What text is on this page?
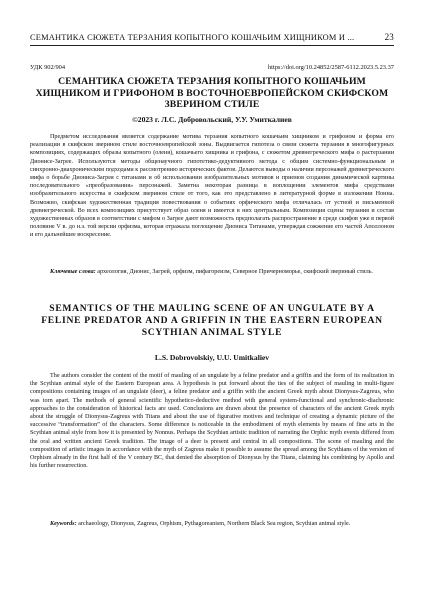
СЕМАНТИКА СЮЖЕТА ТЕРЗАНИЯ КОПЫТНОГО КОШАЧЬИМ ХИЩНИКОМ И ...	23
УДК 902/904	https://doi.org/10.24852/2587-6112.2023.5.23.37
СЕМАНТИКА СЮЖЕТА ТЕРЗАНИЯ КОПЫТНОГО КОШАЧЬИМ ХИЩНИКОМ И ГРИФОНОМ В ВОСТОЧНОЕВРОПЕЙСКОМ СКИФСКОМ ЗВЕРИНОМ СТИЛЕ
©2023 г. Л.С. Добровольский, У.У. Умиткалиев

Предметом исследования является содержание мотива терзания копытного кошачьим хищником и грифоном и форма его реализации в скифском зверином стиле восточноевропейской зоны. Выдвигается гипотеза о связи сюжета терзания в многофигурных композициях, содержащих образы копытного (оленя), кошачьего хищника и грифона, с сюжетом древнегреческого мифа о растерзании Дионисе-Загрее. Используются методы общенаучного гипотетико-дедуктивного метода с общим системно-функциональным и синхронно-диахроническим подходами к рассмотрению исторических фактов. Делаются выводы о наличии персонажей древнегреческого мифа о борьбе Диониса-Загрея с титанами и об использовании изобразительных мотивов и приемов создания динамической картины последовательного «преобразования» персонажей. Заметна некоторая разница в воплощении элементов мифа средствами изобразительного искусства в скифском зверином стиле от того, как это представлено в литературной форме в изложении Нонна. Возможно, скифская художественная традиция повествования о событиях орфического мифа отличалась от устной и письменной древнегреческой. Во всех композициях присутствует образ оленя и имеется в них центральным. Композиция сцены терзания и состав художественных образов в соответствии с мифом о Загрее дают возможность предполагать распространение в среде скифов уже в первой половине V в. до н.э. той версии орфизма, которая отражала поглощение Диониса Титанами, утверждая сожжение его частей Аполлоном и его дальнейшее воскресение.

Ключевые слова: археология, Дионис, Загрей, орфизм, пифагореизм, Северное Причерноморье, скифский звериный стиль.

SEMANTICS OF THE MAULING SCENE OF AN UNGULATE BY A FELINE PREDATOR AND A GRIFFIN IN THE EASTERN EUROPEAN SCYTHIAN ANIMAL STYLE
L.S. Dobrovolskiy, U.U. Umitkaliev

The authors consider the content of the motif of mauling of an ungulate by a feline predator and a griffin and the form of its realization in the Scythian animal style of the Eastern European area. A hypothesis is put forward about the ties of the subject of mauling in multi-figure compositions containing images of an ungulate (deer), a feline predator and a griffin with the ancient Greek myth about Dionysus-Zagreus, who was torn apart. The methods of general scientific hypothetico-deductive method with general system-functional and synchronic-diachronic approaches to the consideration of historical facts are used. Conclusions are drawn about the presence of characters of the ancient Greek myth about the struggle of Dionysus-Zagreus with Titans and about the use of figurative motives and technique of creating a dynamic picture of the successive “transformation” of the characters. Some difference is noticeable in the embodiment of myth elements by means of fine arts in the Scythian animal style from how it is presented by Nonnus. Perhaps the Scythian artistic tradition of narrating the Orphic myth events differed from the oral and written ancient Greek tradition. The image of a deer is present and central in all compositions. The scene of mauling and the composition of artistic images in accordance with the myth of Zagreus make it possible to assume the spread among the Scythians of the version of Orphism already in the first half of the V century BC, that denied the absorption of Dionysus by the Titans, claiming his combining by Apollo and his further resurrection.

Keywords: archaeology, Dionysus, Zagreus, Orphism, Pythagoreanism, Northern Black Sea region, Scythian animal style.
